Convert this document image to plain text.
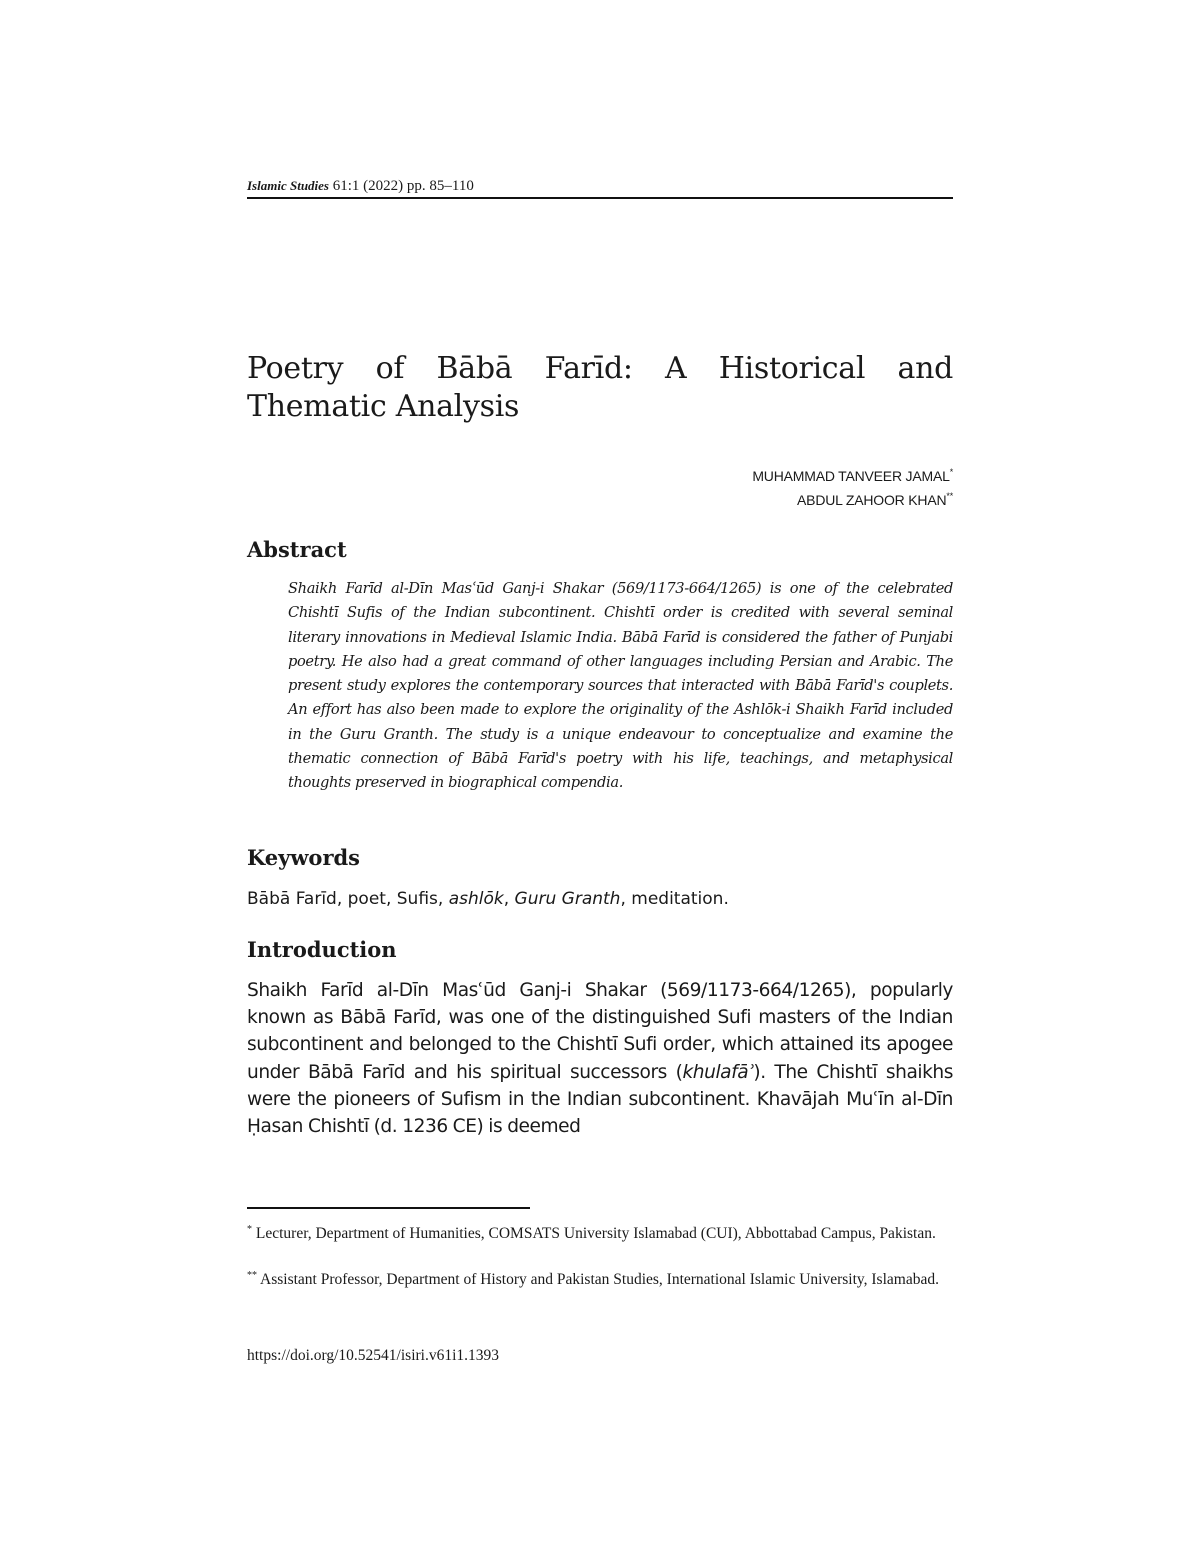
Islamic Studies 61:1 (2022) pp. 85–110
Poetry of Bābā Farīd: A Historical and Thematic Analysis
MUHAMMAD TANVEER JAMAL*
ABDUL ZAHOOR KHAN**
Abstract

Shaikh Farīd al-Dīn Masʿūd Ganj-i Shakar (569/1173-664/1265) is one of the celebrated Chishtī Sufis of the Indian subcontinent. Chishtī order is credited with several seminal literary innovations in Medieval Islamic India. Bābā Farīd is considered the father of Punjabi poetry. He also had a great command of other languages including Persian and Arabic. The present study explores the contemporary sources that interacted with Bābā Farīd's couplets. An effort has also been made to explore the originality of the Ashlōk-i Shaikh Farīd included in the Guru Granth. The study is a unique endeavour to conceptualize and examine the thematic connection of Bābā Farīd's poetry with his life, teachings, and metaphysical thoughts preserved in biographical compendia.

Keywords

Bābā Farīd, poet, Sufis, ashlōk, Guru Granth, meditation.

Introduction

Shaikh Farīd al-Dīn Masʿūd Ganj-i Shakar (569/1173-664/1265), popularly known as Bābā Farīd, was one of the distinguished Sufi masters of the Indian subcontinent and belonged to the Chishtī Sufi order, which attained its apogee under Bābā Farīd and his spiritual successors (khulafāʾ). The Chishtī shaikhs were the pioneers of Sufism in the Indian subcontinent. Khavājah Muʿīn al-Dīn Ḥasan Chishtī (d. 1236 CE) is deemed

* Lecturer, Department of Humanities, COMSATS University Islamabad (CUI), Abbottabad Campus, Pakistan.

** Assistant Professor, Department of History and Pakistan Studies, International Islamic University, Islamabad.

https://doi.org/10.52541/isiri.v61i1.1393
